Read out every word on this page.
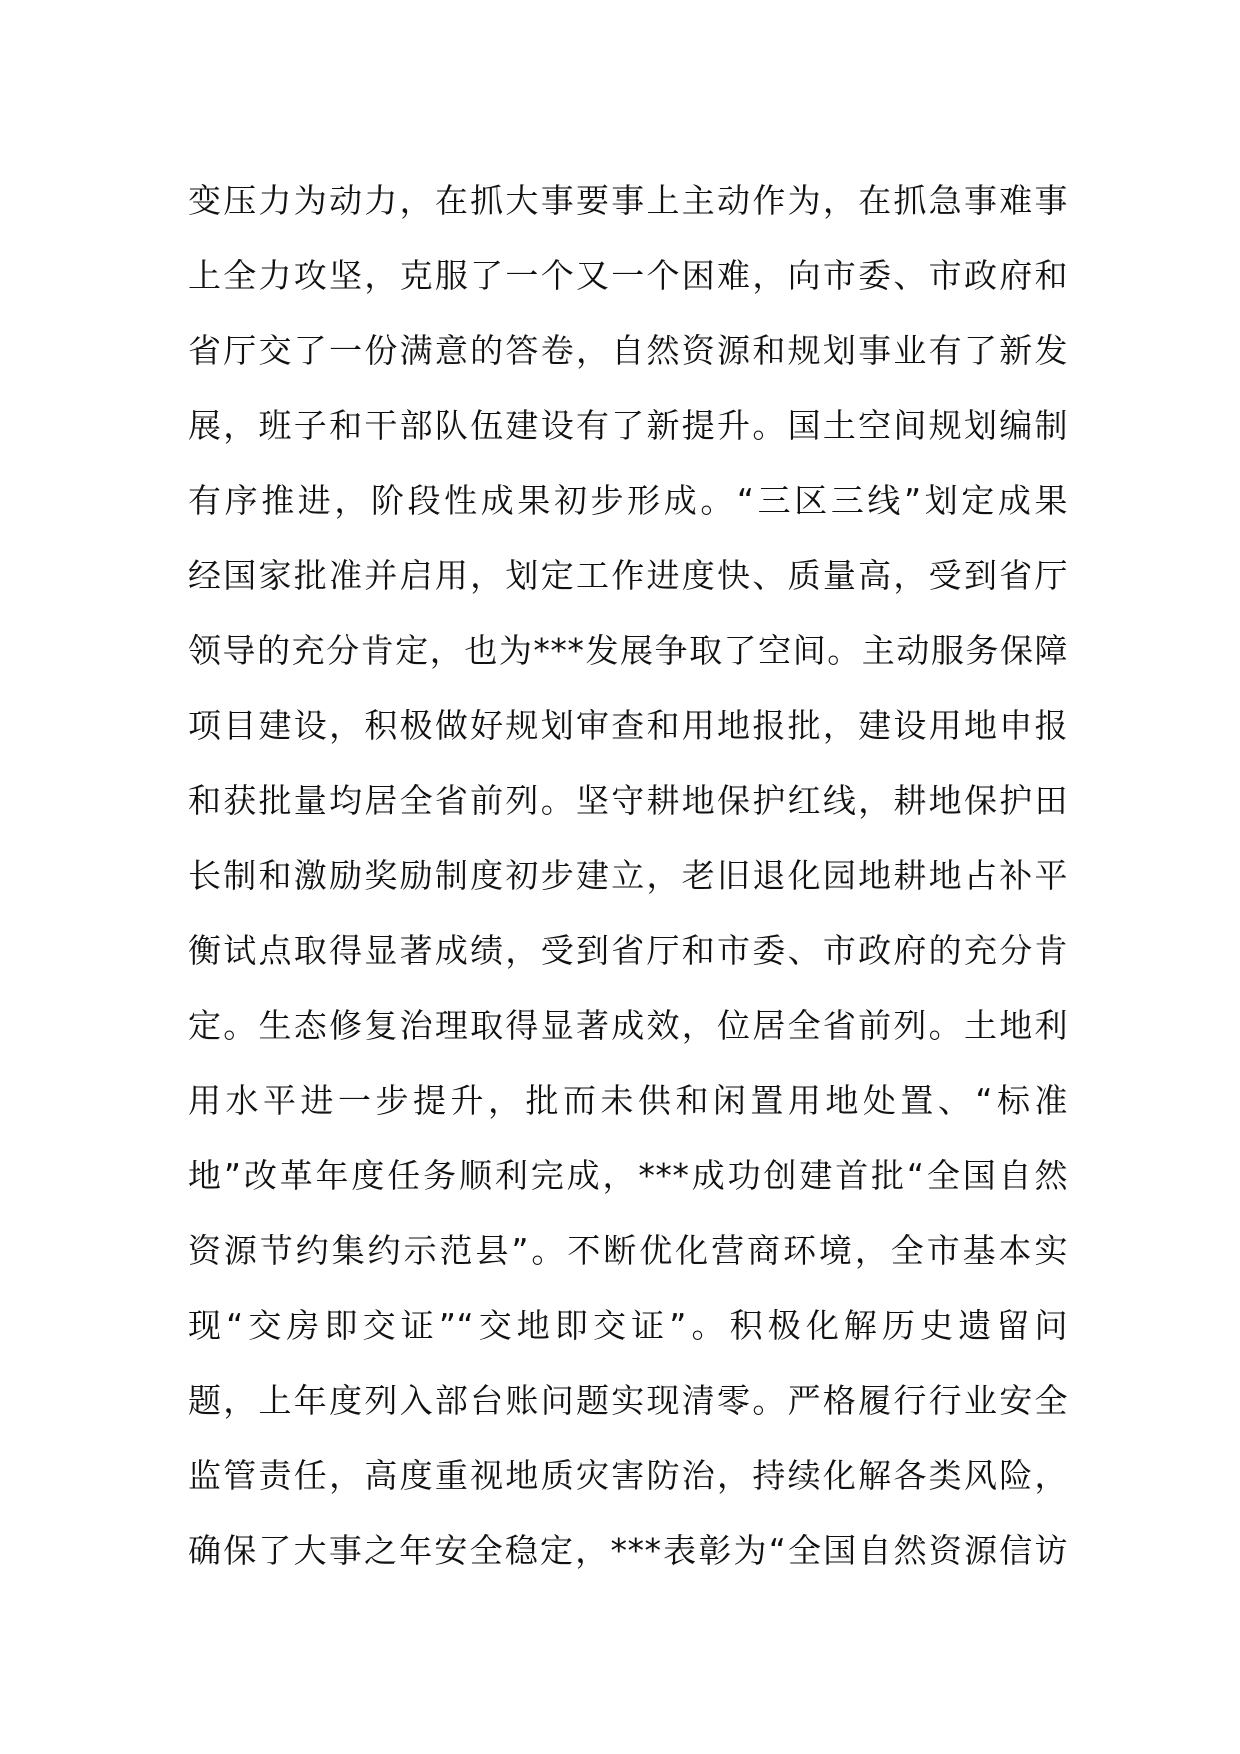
变压力为动力，在抓大事要事上主动作为，在抓急事难事
上全力攻坚，克服了一个又一个困难，向市委、市政府和
省厅交了一份满意的答卷，自然资源和规划事业有了新发
展，班子和干部队伍建设有了新提升。国土空间规划编制
有序推进，阶段性成果初步形成。“三区三线”划定成果
经国家批准并启用，划定工作进度快、质量高，受到省厅
领导的充分肯定，也为***发展争取了空间。主动服务保障
项目建设，积极做好规划审查和用地报批，建设用地申报
和获批量均居全省前列。坚守耕地保护红线，耕地保护田
长制和激励奖励制度初步建立，老旧退化园地耕地占补平
衡试点取得显著成绩，受到省厅和市委、市政府的充分肯
定。生态修复治理取得显著成效，位居全省前列。土地利
用水平进一步提升，批而未供和闲置用地处置、“标准
地”改革年度任务顺利完成，***成功创建首批“全国自然
资源节约集约示范县”。不断优化营商环境，全市基本实
现“交房即交证”“交地即交证”。积极化解历史遗留问
题，上年度列入部台账问题实现清零。严格履行行业安全
监管责任，高度重视地质灾害防治，持续化解各类风险，
确保了大事之年安全稳定，***表彰为“全国自然资源信访
